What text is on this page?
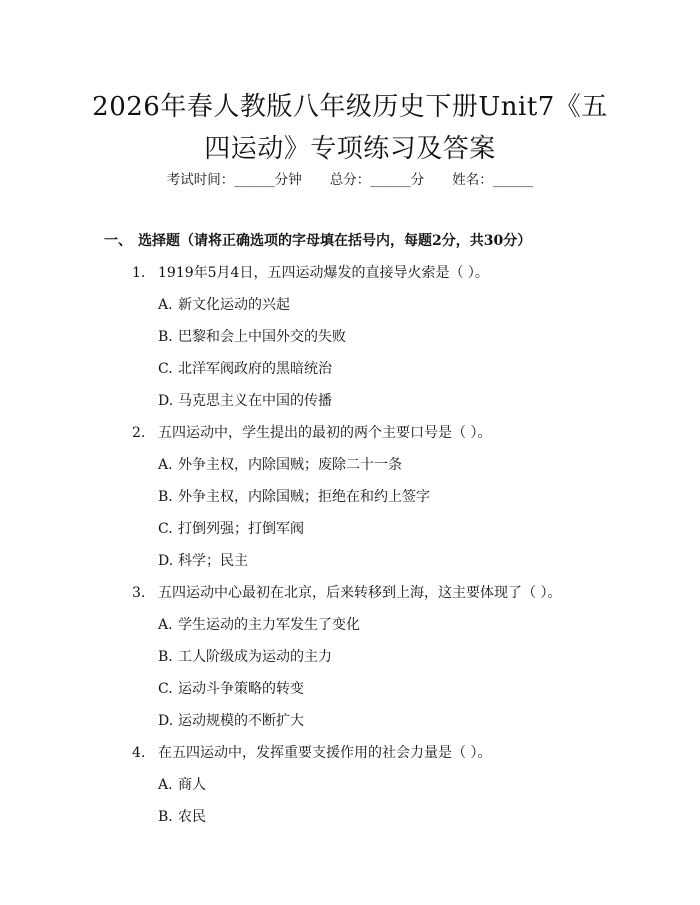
2026年春人教版八年级历史下册Unit7《五
四运动》专项练习及答案
考试时间：______分钟 总分：______分 姓名：______
一、 选择题（请将正确选项的字母填在括号内，每题2分，共30分）
1. 1919年5月4日，五四运动爆发的直接导火索是（ ）。
A. 新文化运动的兴起
B. 巴黎和会上中国外交的失败
C. 北洋军阀政府的黑暗统治
D. 马克思主义在中国的传播
2. 五四运动中，学生提出的最初的两个主要口号是（ ）。
A. 外争主权，内除国贼；废除二十一条
B. 外争主权，内除国贼；拒绝在和约上签字
C. 打倒列强；打倒军阀
D. 科学；民主
3. 五四运动中心最初在北京，后来转移到上海，这主要体现了（ ）。
A. 学生运动的主力军发生了变化
B. 工人阶级成为运动的主力
C. 运动斗争策略的转变
D. 运动规模的不断扩大
4. 在五四运动中，发挥重要支援作用的社会力量是（ ）。
A. 商人
B. 农民
